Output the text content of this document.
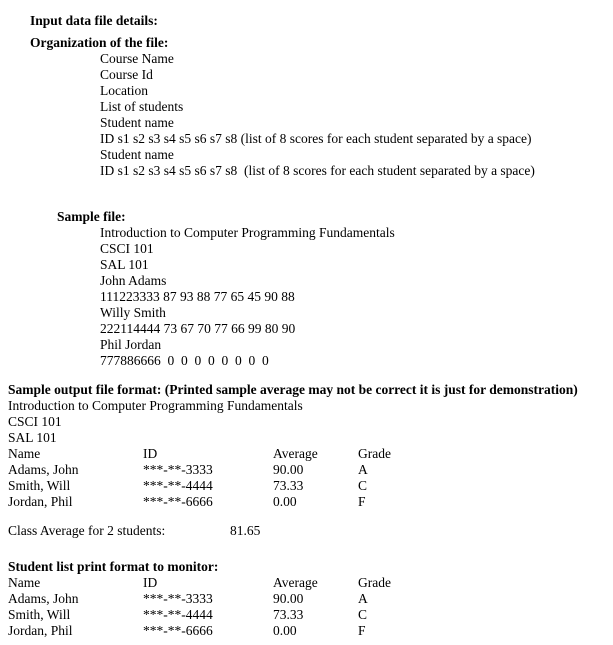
Input data file details:
Organization of the file:
Course Name
Course Id
Location
List of students
Student name
ID s1 s2 s3 s4 s5 s6 s7 s8 (list of 8 scores for each student separated by a space)
Student name
ID s1 s2 s3 s4 s5 s6 s7 s8  (list of 8 scores for each student separated by a space)
Sample file:
Introduction to Computer Programming Fundamentals
CSCI 101
SAL 101
John Adams
111223333 87 93 88 77 65 45 90 88
Willy Smith
222114444 73 67 70 77 66 99 80 90
Phil Jordan
777886666  0  0  0  0  0  0  0  0
Sample output file format: (Printed sample average may not be correct it is just for demonstration)
Introduction to Computer Programming Fundamentals
CSCI 101
SAL 101
Name	ID	Average	Grade
Adams, John	***-**-3333	90.00	A
Smith, Will	***-**-4444	73.33	C
Jordan, Phil	***-**-6666	0.00	F
Class Average for 2 students:	81.65
Student list print format to monitor:
Name	ID	Average	Grade
Adams, John	***-**-3333	90.00	A
Smith, Will	***-**-4444	73.33	C
Jordan, Phil	***-**-6666	0.00	F
